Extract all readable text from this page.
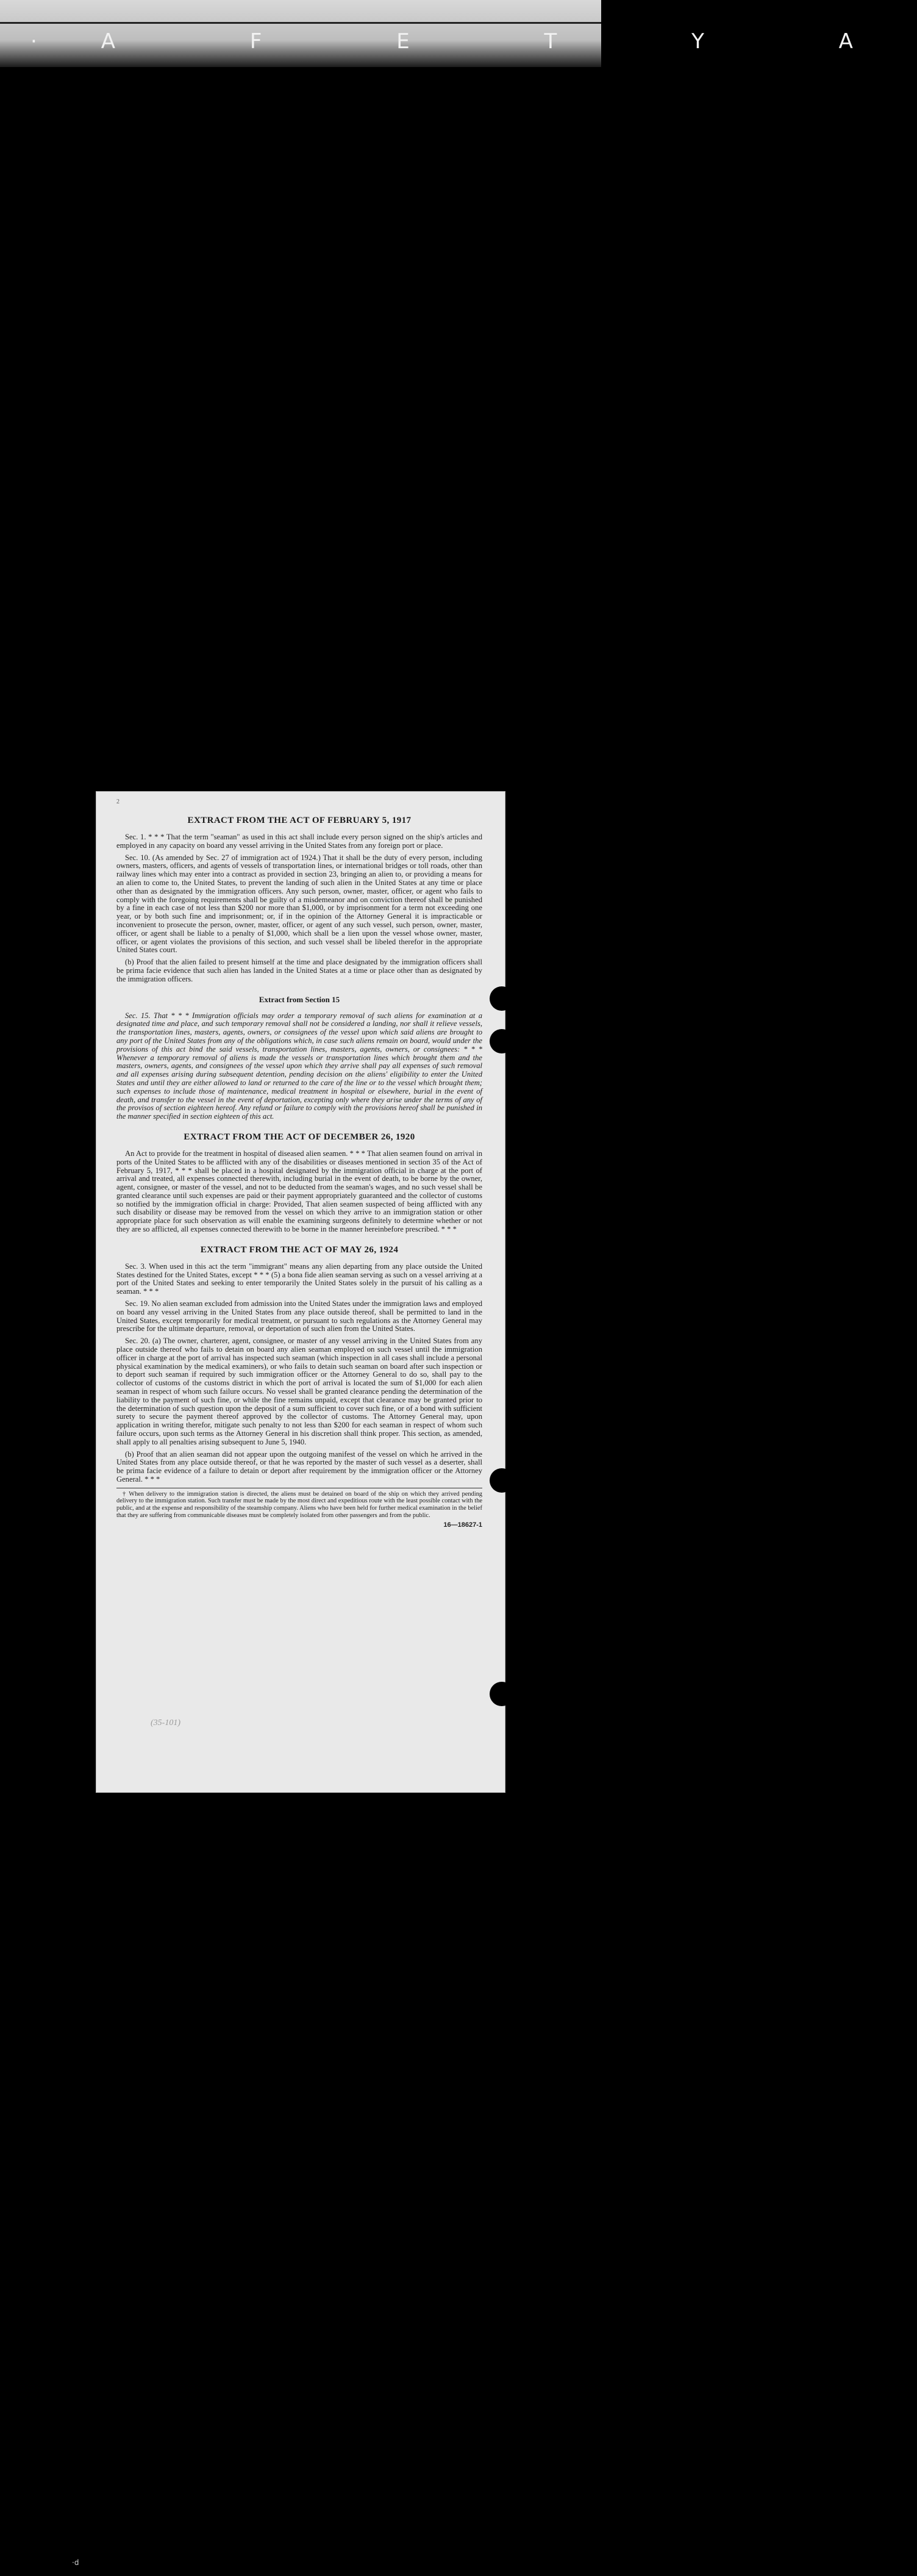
·A F E T Y A
2
(35-101)
EXTRACT FROM THE ACT OF FEBRUARY 5, 1917

Sec. 1. * * * That the term "seaman" as used in this act shall include every person signed on the ship's articles and employed in any capacity on board any vessel arriving in the United States from any foreign port or place.

Sec. 10. (As amended by Sec. 27 of immigration act of 1924.) That it shall be the duty of every person, including owners, masters, officers, and agents of vessels of transportation lines, or international bridges or toll roads, other than railway lines which may enter into a contract as provided in section 23, bringing an alien to, or providing a means for an alien to come to, the United States, to prevent the landing of such alien in the United States at any time or place other than as designated by the immigration officers. Any such person, owner, master, officer, or agent who fails to comply with the foregoing requirements shall be guilty of a misdemeanor and on conviction thereof shall be punished by a fine in each case of not less than $200 nor more than $1,000, or by imprisonment for a term not exceeding one year, or by both such fine and imprisonment; or, if in the opinion of the Attorney General it is impracticable or inconvenient to prosecute the person, owner, master, officer, or agent of any such vessel, such person, owner, master, officer, or agent shall be liable to a penalty of $1,000, which shall be a lien upon the vessel whose owner, master, officer, or agent violates the provisions of this section, and such vessel shall be libeled therefor in the appropriate United States court.

(b) Proof that the alien failed to present himself at the time and place designated by the immigration officers shall be prima facie evidence that such alien has landed in the United States at a time or place other than as designated by the immigration officers.

Extract from Section 15

Sec. 15. That * * * Immigration officials may order a temporary removal of such aliens for examination at a designated time and place, and such temporary removal shall not be considered a landing, nor shall it relieve vessels, the transportation lines, masters, agents, owners, or consignees of the vessel upon which said aliens are brought to any port of the United States from any of the obligations which, in case such aliens remain on board, would under the provisions of this act bind the said vessels, transportation lines, masters, agents, owners, or consignees: * * * Whenever a temporary removal of aliens is made the vessels or transportation lines which brought them and the masters, owners, agents, and consignees of the vessel upon which they arrive shall pay all expenses of such removal and all expenses arising during subsequent detention, pending decision on the aliens' eligibility to enter the United States and until they are either allowed to land or returned to the care of the line or to the vessel which brought them; such expenses to include those of maintenance, medical treatment in hospital or elsewhere, burial in the event of death, and transfer to the vessel in the event of deportation, excepting only where they arise under the terms of any of the provisos of section eighteen hereof. Any refund or failure to comply with the provisions hereof shall be punished in the manner specified in section eighteen of this act.

EXTRACT FROM THE ACT OF DECEMBER 26, 1920

An Act to provide for the treatment in hospital of diseased alien seamen. * * * That alien seamen found on arrival in ports of the United States to be afflicted with any of the disabilities or diseases mentioned in section 35 of the Act of February 5, 1917, * * * shall be placed in a hospital designated by the immigration official in charge at the port of arrival and treated, all expenses connected therewith, including burial in the event of death, to be borne by the owner, agent, consignee, or master of the vessel, and not to be deducted from the seaman's wages, and no such vessel shall be granted clearance until such expenses are paid or their payment appropriately guaranteed and the collector of customs so notified by the immigration official in charge: Provided, That alien seamen suspected of being afflicted with any such disability or disease may be removed from the vessel on which they arrive to an immigration station or other appropriate place for such observation as will enable the examining surgeons definitely to determine whether or not they are so afflicted, all expenses connected therewith to be borne in the manner hereinbefore prescribed. * * *

EXTRACT FROM THE ACT OF MAY 26, 1924

Sec. 3. When used in this act the term "immigrant" means any alien departing from any place outside the United States destined for the United States, except * * * (5) a bona fide alien seaman serving as such on a vessel arriving at a port of the United States and seeking to enter temporarily the United States solely in the pursuit of his calling as a seaman. * * *

Sec. 19. No alien seaman excluded from admission into the United States under the immigration laws and employed on board any vessel arriving in the United States from any place outside thereof, shall be permitted to land in the United States, except temporarily for medical treatment, or pursuant to such regulations as the Attorney General may prescribe for the ultimate departure, removal, or deportation of such alien from the United States.

Sec. 20. (a) The owner, charterer, agent, consignee, or master of any vessel arriving in the United States from any place outside thereof who fails to detain on board any alien seaman employed on such vessel until the immigration officer in charge at the port of arrival has inspected such seaman (which inspection in all cases shall include a personal physical examination by the medical examiners), or who fails to detain such seaman on board after such inspection or to deport such seaman if required by such immigration officer or the Attorney General to do so, shall pay to the collector of customs of the customs district in which the port of arrival is located the sum of $1,000 for each alien seaman in respect of whom such failure occurs. No vessel shall be granted clearance pending the determination of the liability to the payment of such fine, or while the fine remains unpaid, except that clearance may be granted prior to the determination of such question upon the deposit of a sum sufficient to cover such fine, or of a bond with sufficient surety to secure the payment thereof approved by the collector of customs. The Attorney General may, upon application in writing therefor, mitigate such penalty to not less than $200 for each seaman in respect of whom such failure occurs, upon such terms as the Attorney General in his discretion shall think proper. This section, as amended, shall apply to all penalties arising subsequent to June 5, 1940.

(b) Proof that an alien seaman did not appear upon the outgoing manifest of the vessel on which he arrived in the United States from any place outside thereof, or that he was reported by the master of such vessel as a deserter, shall be prima facie evidence of a failure to detain or deport after requirement by the immigration officer or the Attorney General. * * *

† When delivery to the immigration station is directed, the aliens must be detained on board of the ship on which they arrived pending delivery to the immigration station. Such transfer must be made by the most direct and expeditious route with the least possible contact with the public, and at the expense and responsibility of the steamship company. Aliens who have been held for further medical examination in the belief that they are suffering from communicable diseases must be completely isolated from other passengers and from the public.

16—18627-1
·d
